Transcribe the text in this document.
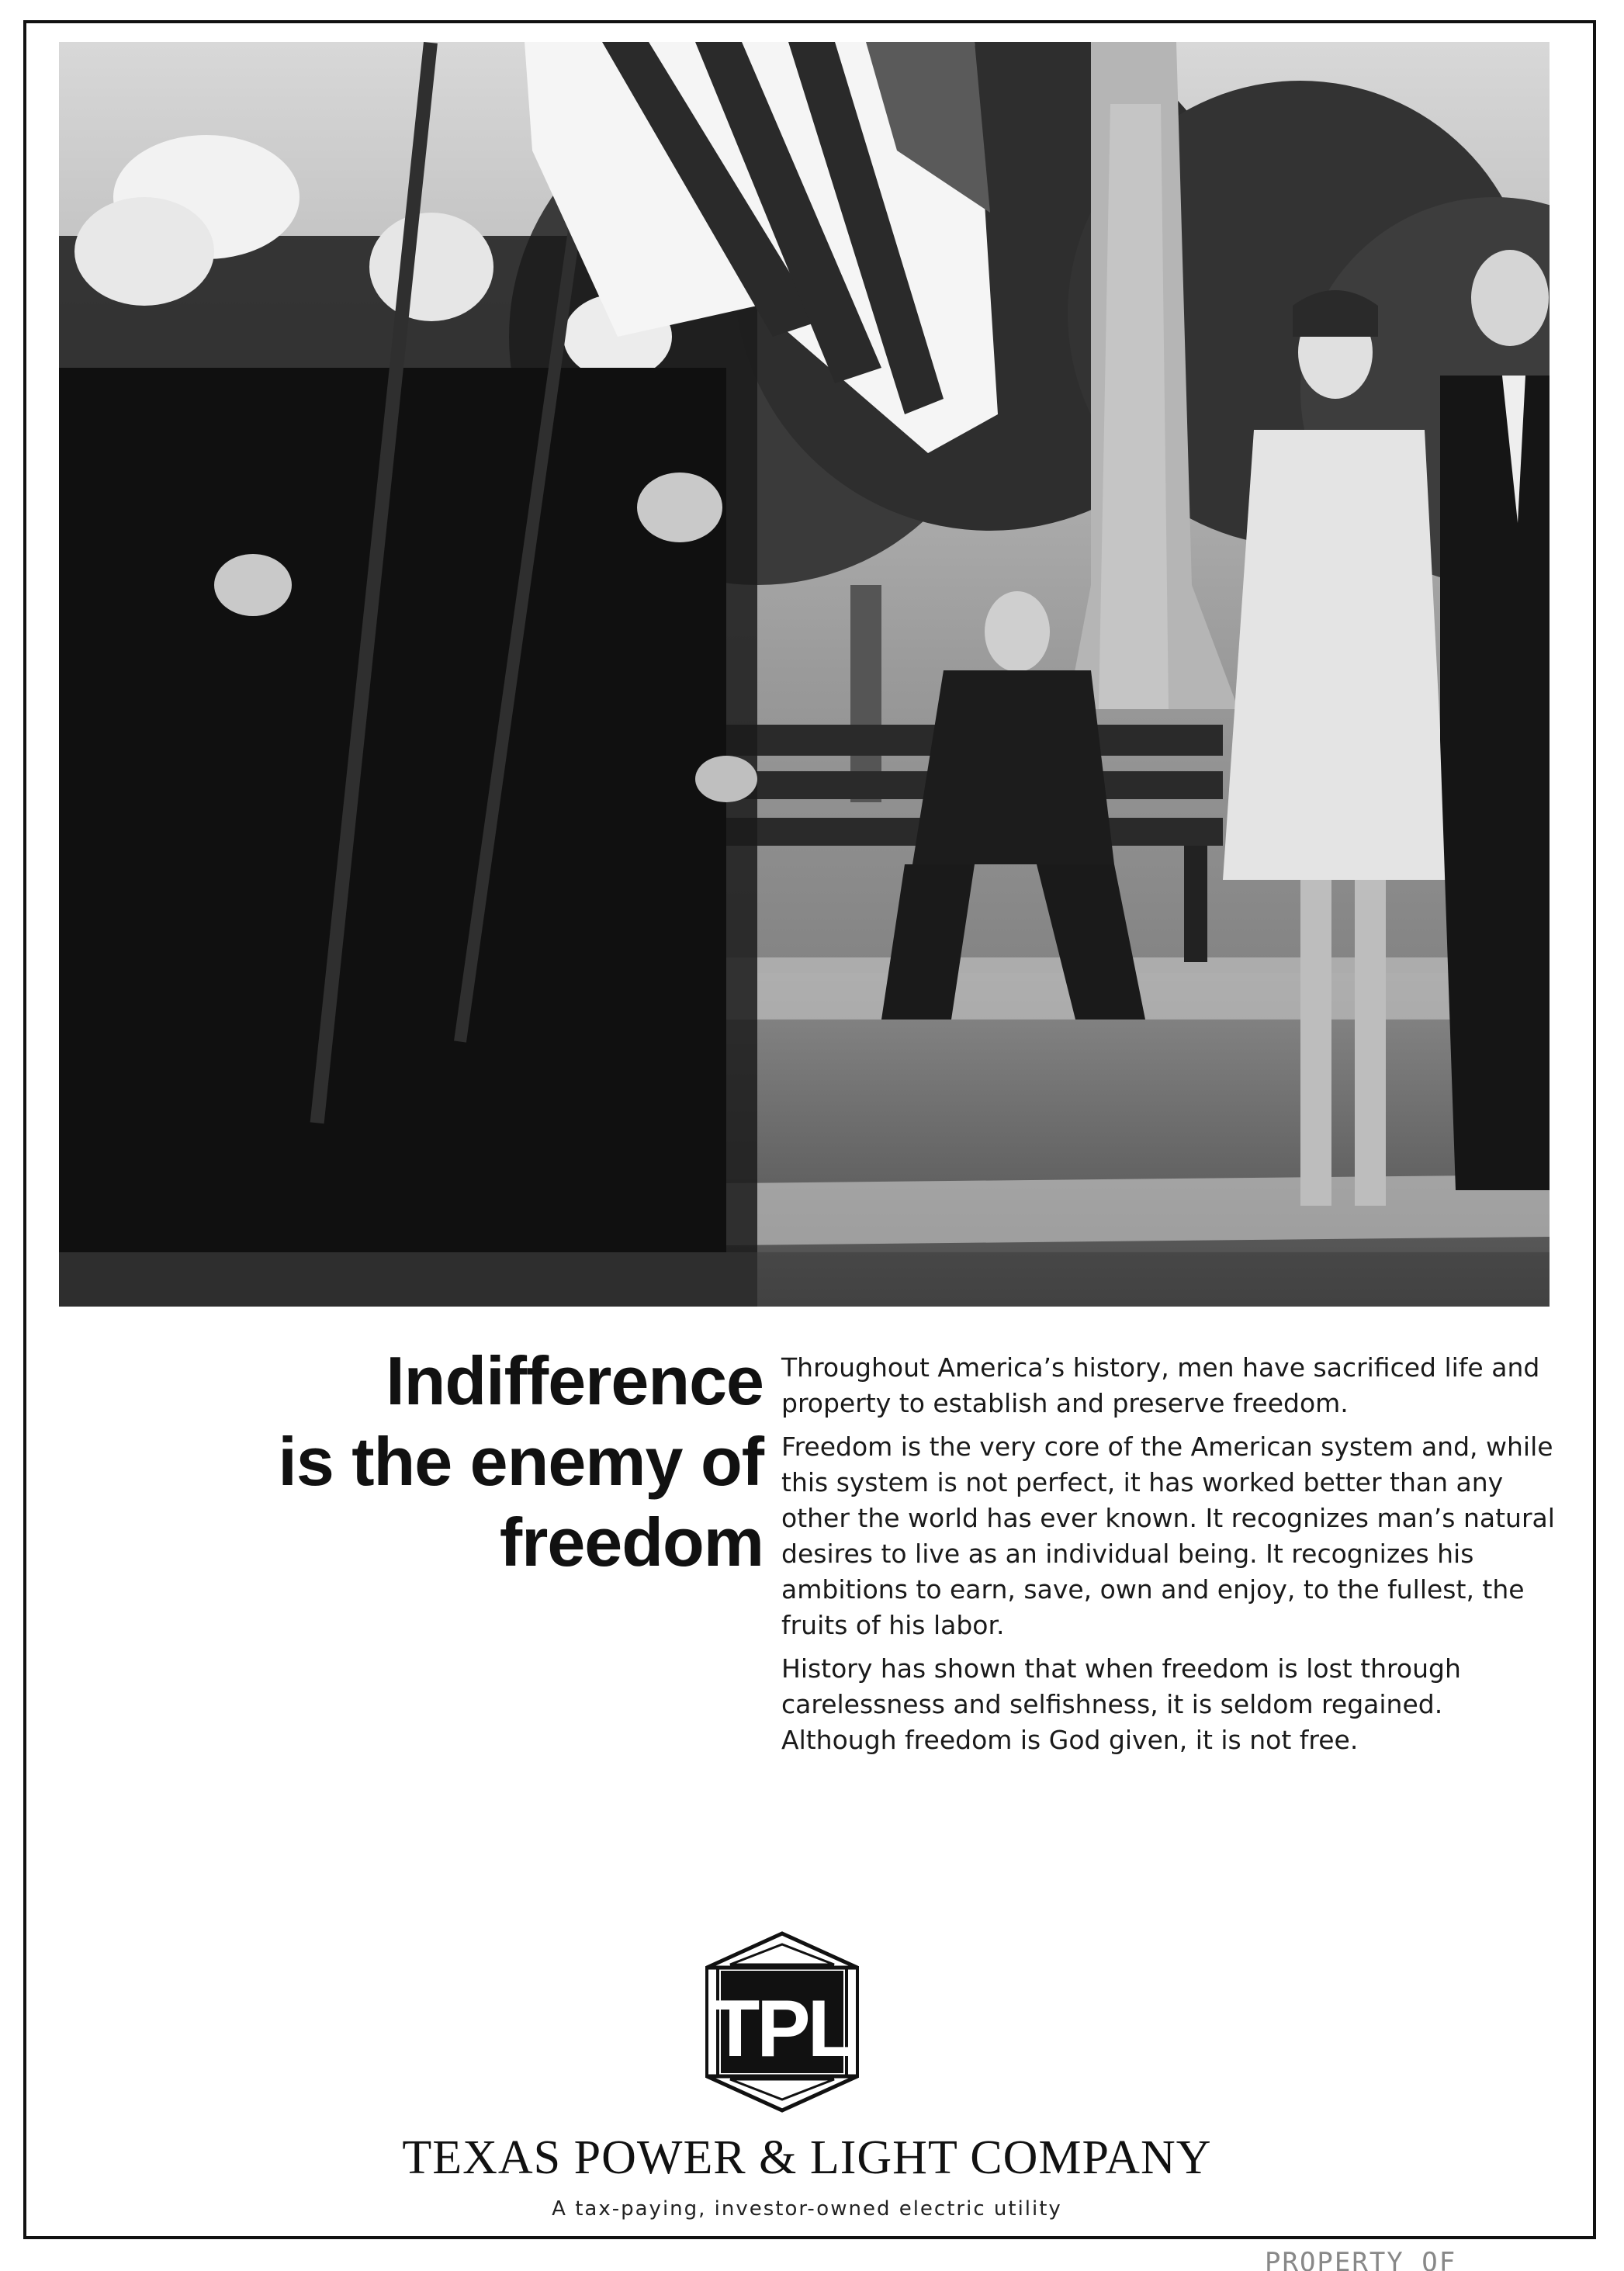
Indifference
is the enemy of
freedom

Throughout America’s history, men have sacrificed life and property to establish and preserve freedom.

Freedom is the very core of the American system and, while this system is not perfect, it has worked better than any other the world has ever known. It recognizes man’s natural desires to live as an individual being. It recognizes his ambitions to earn, save, own and enjoy, to the fullest, the fruits of his labor.

History has shown that when freedom is lost through carelessness and selfishness, it is seldom regained. Although freedom is God given, it is not free.

TPL
TEXAS POWER & LIGHT COMPANY
A tax-paying, investor-owned electric utility
PROPERTY OF
